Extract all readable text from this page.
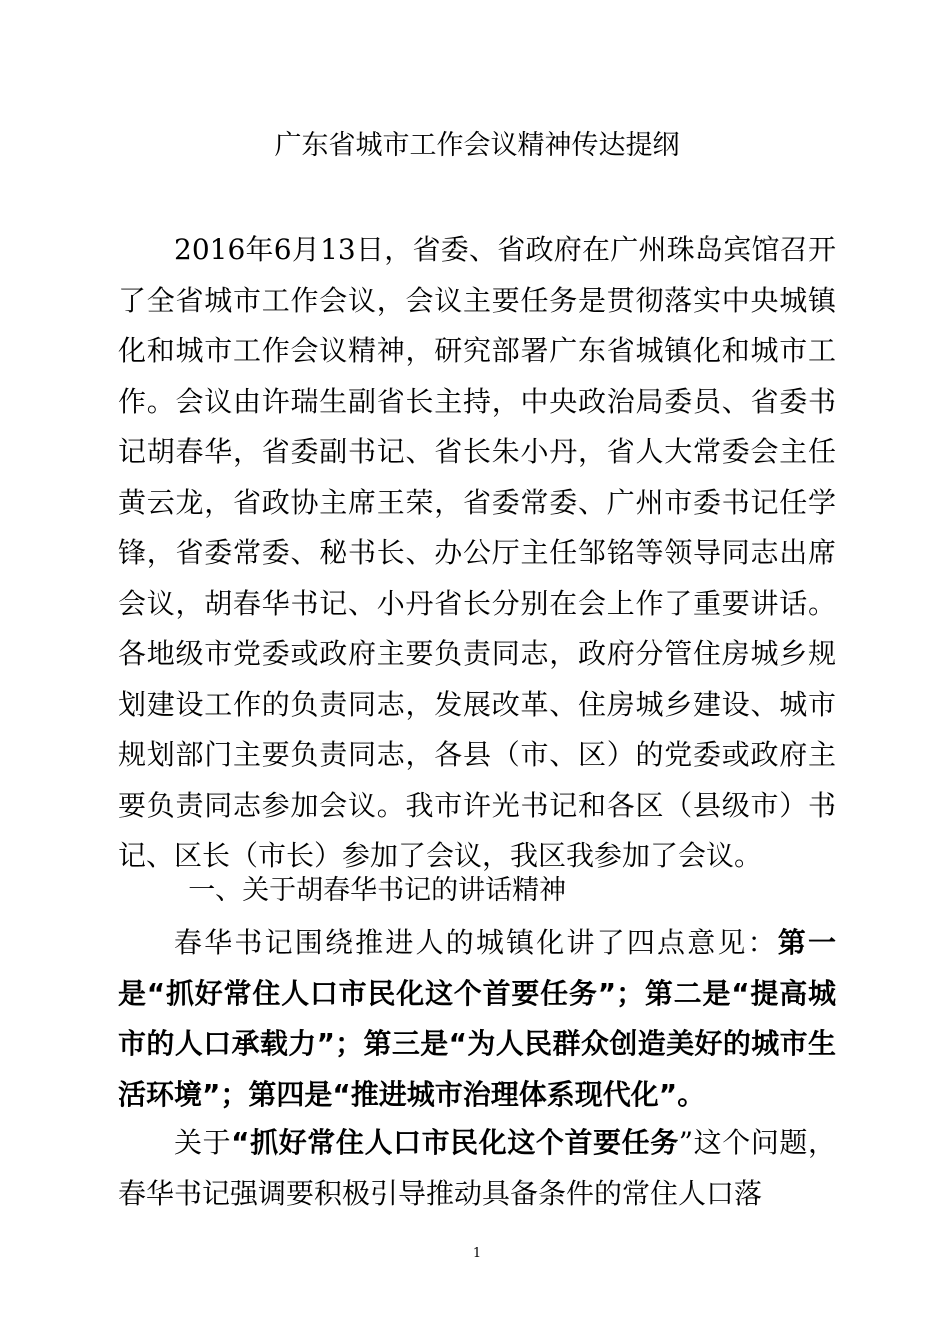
广东省城市工作会议精神传达提纲
2016年6月13日，省委、省政府在广州珠岛宾馆召开了全省城市工作会议，会议主要任务是贯彻落实中央城镇化和城市工作会议精神，研究部署广东省城镇化和城市工作。会议由许瑞生副省长主持，中央政治局委员、省委书记胡春华，省委副书记、省长朱小丹，省人大常委会主任黄云龙，省政协主席王荣，省委常委、广州市委书记任学锋，省委常委、秘书长、办公厅主任邹铭等领导同志出席会议，胡春华书记、小丹省长分别在会上作了重要讲话。各地级市党委或政府主要负责同志，政府分管住房城乡规划建设工作的负责同志，发展改革、住房城乡建设、城市规划部门主要负责同志，各县（市、区）的党委或政府主要负责同志参加会议。我市许光书记和各区（县级市）书记、区长（市长）参加了会议，我区我参加了会议。
一、关于胡春华书记的讲话精神
春华书记围绕推进人的城镇化讲了四点意见：第一是“抓好常住人口市民化这个首要任务”；第二是“提高城市的人口承载力”；第三是“为人民群众创造美好的城市生活环境”；第四是“推进城市治理体系现代化”。
关于“抓好常住人口市民化这个首要任务”这个问题，春华书记强调要积极引导推动具备条件的常住人口落
1
